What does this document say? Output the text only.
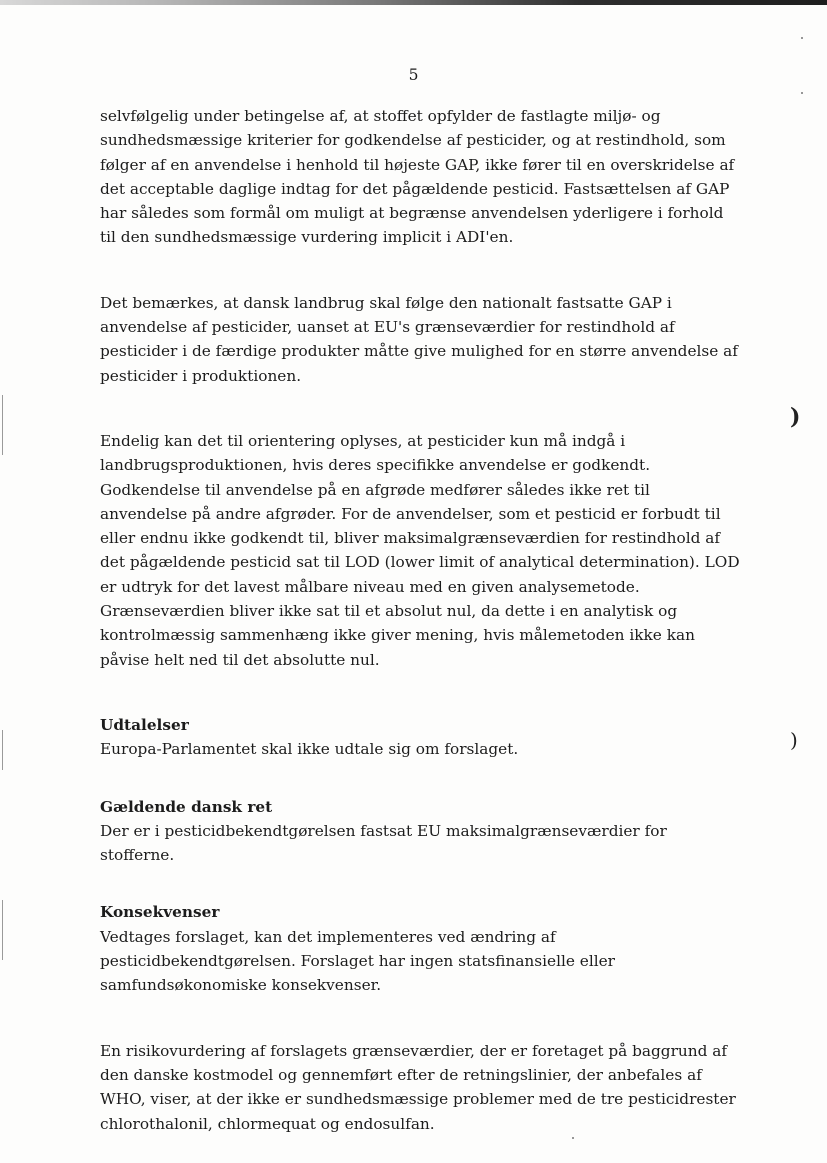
5
)
)

selvfølgelig under betingelse af, at stoffet opfylder de fastlagte miljø- og sundhedsmæssige kriterier for godkendelse af pesticider, og at restindhold, som følger af en anvendelse i henhold til højeste GAP, ikke fører til en overskridelse af det acceptable daglige indtag for det pågældende pesticid. Fastsættelsen af GAP har således som formål om muligt at begrænse anvendelsen yderligere i forhold til den sundhedsmæssige vurdering implicit i ADI'en.

Det bemærkes, at dansk landbrug skal følge den nationalt fastsatte GAP i anvendelse af pesticider, uanset at EU's grænseværdier for restindhold af pesticider i de færdige produkter måtte give mulighed for en større anvendelse af pesticider i produktionen.

Endelig kan det til orientering oplyses, at pesticider kun må indgå i landbrugsproduktionen, hvis deres specifikke anvendelse er godkendt. Godkendelse til anvendelse på en afgrøde medfører således ikke ret til anvendelse på andre afgrøder. For de anvendelser, som et pesticid er forbudt til eller endnu ikke godkendt til, bliver maksimalgrænseværdien for restindhold af det pågældende pesticid sat til LOD (lower limit of analytical determination). LOD er udtryk for det lavest målbare niveau med en given analysemetode. Grænseværdien bliver ikke sat til et absolut nul, da dette i en analytisk og kontrolmæssig sammenhæng ikke giver mening, hvis målemetoden ikke kan påvise helt ned til det absolutte nul.

Udtalelser

Europa-Parlamentet skal ikke udtale sig om forslaget.

Gældende dansk ret

Der er i pesticidbekendtgørelsen fastsat EU maksimalgrænseværdier for stofferne.

Konsekvenser

Vedtages forslaget, kan det implementeres ved ændring af pesticidbekendtgørelsen. Forslaget har ingen statsfinansielle eller samfundsøkonomiske konsekvenser.

En risikovurdering af forslagets grænseværdier, der er foretaget på baggrund af den danske kostmodel og gennemført efter de retningslinier, der anbefales af WHO, viser, at der ikke er sundhedsmæssige problemer med de tre pesticidrester chlorothalonil, chlormequat og endosulfan.
